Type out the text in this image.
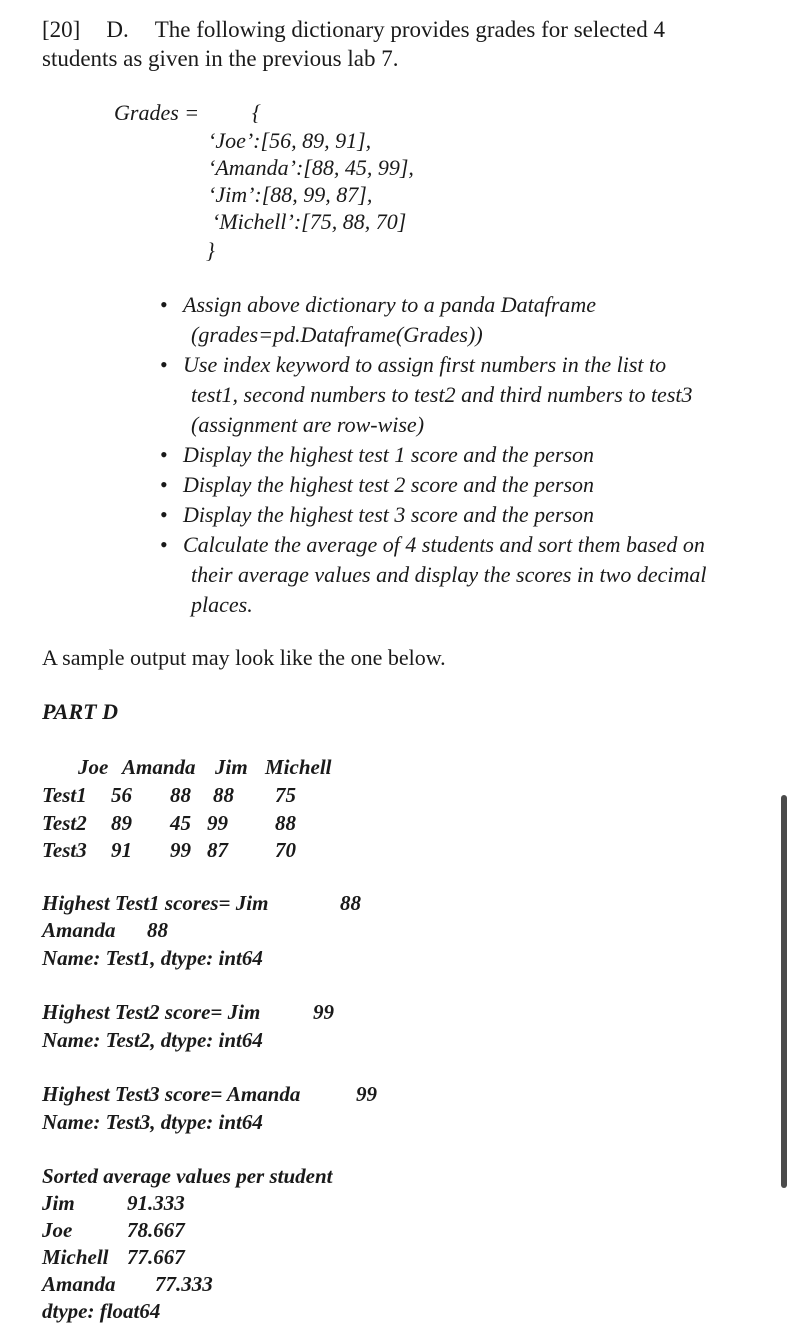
[20] D. The following dictionary provides grades for selected 4
students as given in the previous lab 7.
Grades = {
‘Joe’:[56, 89, 91],
‘Amanda’:[88, 45, 99],
‘Jim’:[88, 99, 87],
‘Michell’:[75, 88, 70]
}
• Assign above dictionary to a panda Dataframe
(grades=pd.Dataframe(Grades))
• Use index keyword to assign first numbers in the list to
test1, second numbers to test2 and third numbers to test3
(assignment are row-wise)
• Display the highest test 1 score and the person
• Display the highest test 2 score and the person
• Display the highest test 3 score and the person
• Calculate the average of 4 students and sort them based on
their average values and display the scores in two decimal
places.
A sample output may look like the one below.
PART D
Joe Amanda Jim Michell
Test1 56 88 88 75
Test2 89 45 99 88
Test3 91 99 87 70
Highest Test1 scores= Jim	88
Amanda 88
Name: Test1, dtype: int64
Highest Test2 score= Jim	99
Name: Test2, dtype: int64
Highest Test3 score= Amanda	99
Name: Test3, dtype: int64
Sorted average values per student
Jim 91.333
Joe	78.667
Michell 77.667
Amanda 77.333
dtype: float64
